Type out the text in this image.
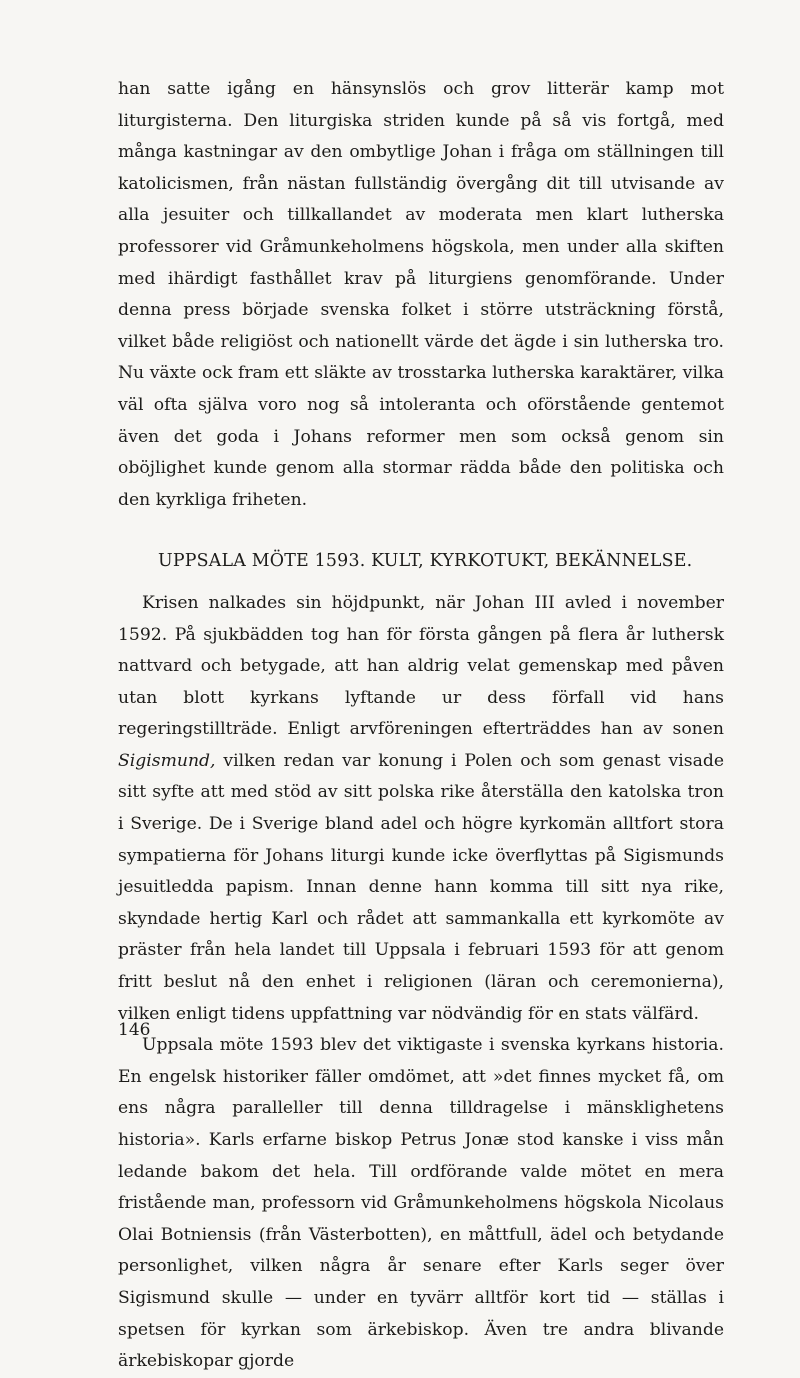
han satte igång en hänsynslös och grov litterär kamp mot liturgisterna. Den liturgiska striden kunde på så vis fortgå, med många kastningar av den ombytlige Johan i fråga om ställningen till katolicismen, från nästan fullständig övergång dit till utvisande av alla jesuiter och tillkallandet av moderata men klart lutherska professorer vid Gråmunkeholmens högskola, men under alla skiften med ihärdigt fasthållet krav på liturgiens genomförande. Under denna press började svenska folket i större utsträckning förstå, vilket både religiöst och nationellt värde det ägde i sin lutherska tro. Nu växte ock fram ett släkte av trosstarka lutherska karaktärer, vilka väl ofta själva voro nog så intoleranta och oförstående gentemot även det goda i Johans reformer men som också genom sin oböjlighet kunde genom alla stormar rädda både den politiska och den kyrkliga friheten.

UPPSALA MÖTE 1593. KULT, KYRKOTUKT, BEKÄNNELSE.

Krisen nalkades sin höjdpunkt, när Johan III avled i november 1592. På sjukbädden tog han för första gången på flera år luthersk nattvard och betygade, att han aldrig velat gemenskap med påven utan blott kyrkans lyftande ur dess förfall vid hans regeringstillträde. Enligt arvföreningen efterträddes han av sonen Sigismund, vilken redan var konung i Polen och som genast visade sitt syfte att med stöd av sitt polska rike återställa den katolska tron i Sverige. De i Sverige bland adel och högre kyrkomän alltfort stora sympatierna för Johans liturgi kunde icke överflyttas på Sigismunds jesuitledda papism. Innan denne hann komma till sitt nya rike, skyndade hertig Karl och rådet att sammankalla ett kyrkomöte av präster från hela landet till Uppsala i februari 1593 för att genom fritt beslut nå den enhet i religionen (läran och ceremonierna), vilken enligt tidens uppfattning var nödvändig för en stats välfärd.

Uppsala möte 1593 blev det viktigaste i svenska kyrkans historia. En engelsk historiker fäller omdömet, att »det finnes mycket få, om ens några paralleller till denna tilldragelse i mänsklighetens historia». Karls erfarne biskop Petrus Jonæ stod kanske i viss mån ledande bakom det hela. Till ordförande valde mötet en mera fristående man, professorn vid Gråmunkeholmens högskola Nicolaus Olai Botniensis (från Västerbotten), en måttfull, ädel och betydande personlighet, vilken några år senare efter Karls seger över Sigismund skulle — under en tyvärr alltför kort tid — ställas i spetsen för kyrkan som ärkebiskop. Även tre andra blivande ärkebiskopar gjorde

146
